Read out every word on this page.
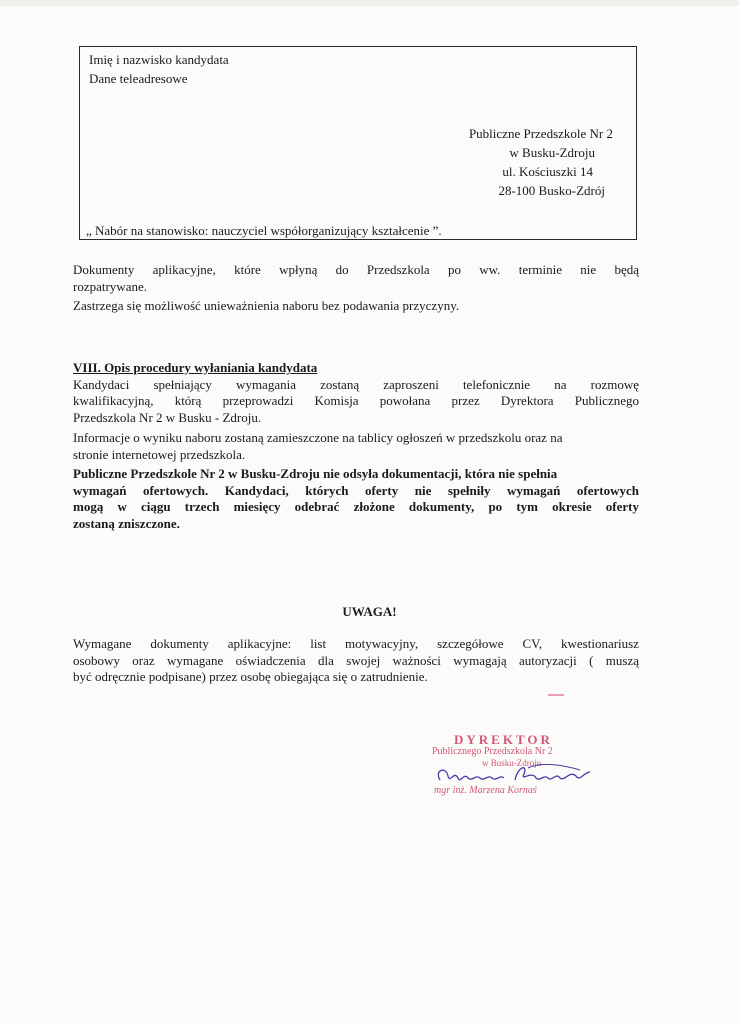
Imię i nazwisko kandydata
Dane teleadresowe
Publiczne Przedszkole Nr 2
w Busku-Zdroju
ul. Kościuszki 14
28-100 Busko-Zdrój
„ Nabór na stanowisko: nauczyciel współorganizujący kształcenie ”.
Dokumenty aplikacyjne, które wpłyną do Przedszkola po ww. terminie nie będą
rozpatrywane.
Zastrzega się możliwość unieważnienia naboru bez podawania przyczyny.
VIII. Opis procedury wyłaniania kandydata
Kandydaci spełniający wymagania zostaną zaproszeni telefonicznie na rozmowę
kwalifikacyjną, którą przeprowadzi Komisja powołana przez Dyrektora Publicznego
Przedszkola Nr 2 w Busku - Zdroju.
Informacje o wyniku naboru zostaną zamieszczone na tablicy ogłoszeń w przedszkolu oraz na
stronie internetowej przedszkola.
Publiczne Przedszkole Nr 2 w Busku-Zdroju nie odsyła dokumentacji, która nie spełnia
wymagań ofertowych. Kandydaci, których oferty nie spełniły wymagań ofertowych
mogą w ciągu trzech miesięcy odebrać złożone dokumenty, po tym okresie oferty
zostaną zniszczone.
UWAGA!
Wymagane dokumenty aplikacyjne: list motywacyjny, szczegółowe CV, kwestionariusz
osobowy oraz wymagane oświadczenia dla swojej ważności wymagają autoryzacji ( muszą
być odręcznie podpisane) przez osobę obiegająca się o zatrudnienie.
DYREKTOR
Publicznego Przedszkola Nr 2
w Busku-Zdroju
mgr inż. Marzena Kornaś
